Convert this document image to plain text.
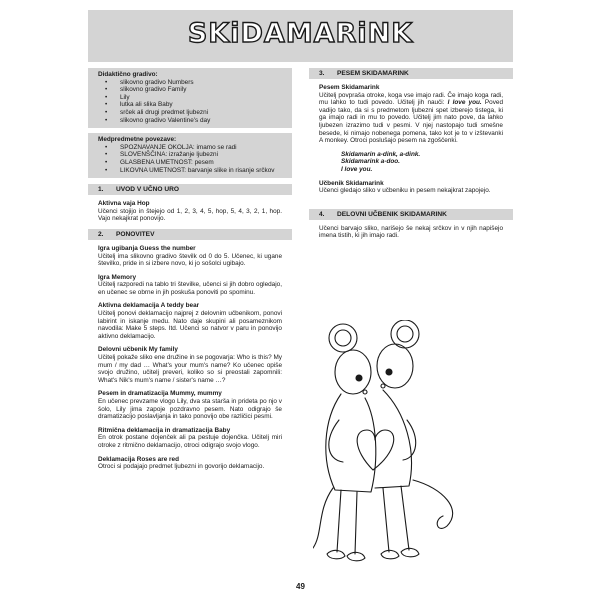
SKiDAMARiNK
Didaktično gradivo:
• slikovno gradivo Numbers
• slikovno gradivo Family
• Lily
• lutka ali slika Baby
• srček ali drugi predmet ljubezni
• slikovno gradivo Valentine's day
Medpredmetne povezave:
• SPOZNAVANJE OKOLJA: imamo se radi
• SLOVENŠČINA: izražanje ljubezni
• GLASBENA UMETNOST: pesem
• LIKOVNA UMETNOST: barvanje slike in risanje srčkov
1. UVOD V UČNO URO
Aktivna vaja Hop
Učenci stojijo in štejejo od 1, 2, 3, 4, 5, hop, 5, 4, 3, 2, 1, hop. Vajo nekajkrat ponovijo.
2. PONOVITEV
Igra ugibanja Guess the number
Učitelj ima slikovno gradivo številk od 0 do 5. Učenec, ki ugane številko, pride in si izbere novo, ki jo sošolci ugibajo.
Igra Memory
Učitelj razporedi na tablo tri številke, učenci si jih dobro ogledajo, en učenec se obrne in jih poskuša ponoviti po spominu.
Aktivna deklamacija A teddy bear
Učitelj ponovi deklamacijo najprej z delovnim učbenikom, ponovi labirint in iskanje medu. Nato daje skupini ali posameznikom navodila: Make 5 steps. Itd. Učenci so natvor v paru in ponovijo aktivno deklamacijo.
Delovni učbenik My family
Učitelj pokaže sliko ene družine in se pogovarja: Who is this? My mum / my dad … What's your mum's name? Ko učenec opiše svojo družino, učitelj preveri, koliko so si preostali zapomnili: What's Nik's mum's name / sister's name …?
Pesem in dramatizacija Mummy, mummy
En učenec prevzame vlogo Lily, dva sta starša in prideta po njo v šolo, Lily jima zapoje pozdravno pesem. Nato odigrajo še dramatizacijo poslavljanja in tako ponovijo obe različici pesmi.
Ritmična deklamacija in dramatizacija Baby
En otrok postane dojenček ali pa pestuje dojenčka. Učitelj miri otroke z ritmično deklamacijo, otroci odigrajo svojo vlogo.
Deklamacija Roses are red
Otroci si podajajo predmet ljubezni in govorijo deklamacijo.
3. PESEM SKIDAMARINK
Pesem Skidamarink
Učitelj povpraša otroke, koga vse imajo radi. Če imajo koga radi, mu lahko to tudi povedo. Učitelj jih nauči: I love you. Poved vadijo tako, da si s predmetom ljubezni spet izberejo tistega, ki ga imajo radi in mu to povedo. Učitelj jim nato pove, da lahko ljubezen izrazimo tudi v pesmi. V njej nastopajo tudi smešne besede, ki nimajo nobenega pomena, tako kot je to v izštevanki A monkey. Otroci poslušajo pesem na zgoščenki.
Skidamarin a-dink, a-dink.
Skidamarink a-doo.
I love you.
Učbenik Skidamarink
Učenci gledajo sliko v učbeniku in pesem nekajkrat zapojejo.
4. DELOVNI UČBENIK SKIDAMARINK
Učenci barvajo sliko, narišejo še nekaj srčkov in v njih napišejo imena tistih, ki jih imajo radi.
49
